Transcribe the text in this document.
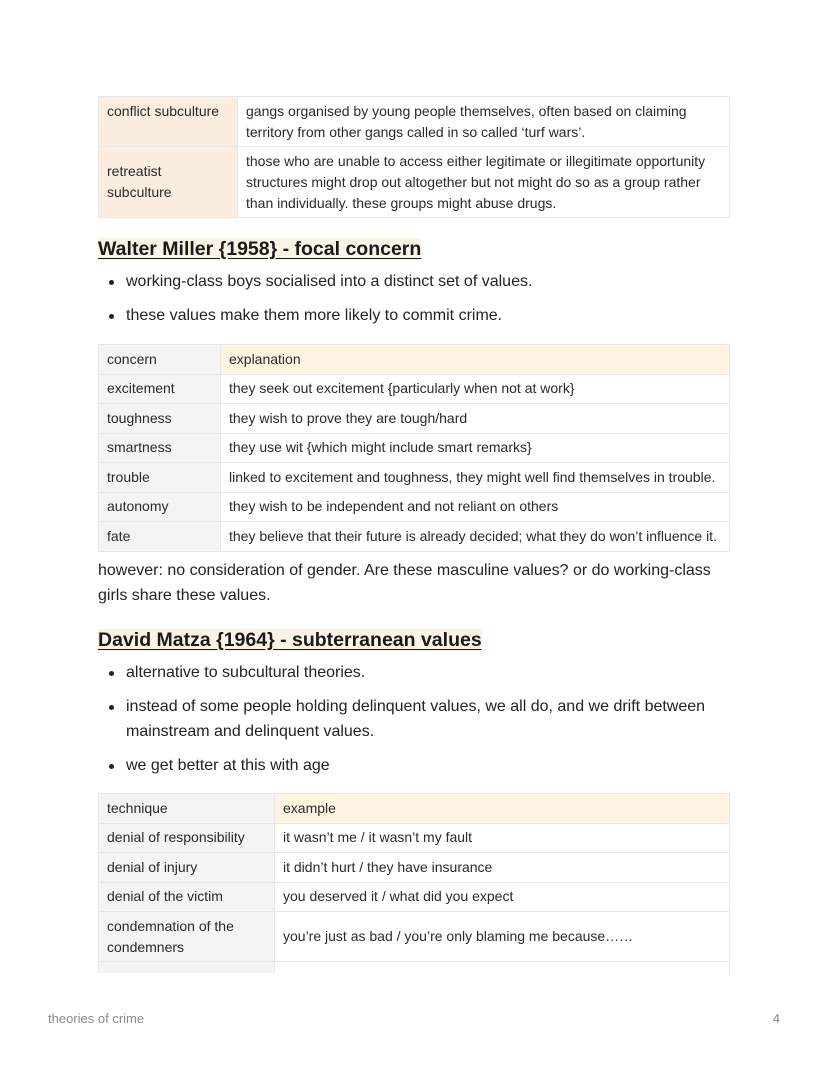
conflict subculture	gangs organised by young people themselves, often based on claiming territory from other gangs called in so called ‘turf wars’.
retreatist subculture	those who are unable to access either legitimate or illegitimate opportunity structures might drop out altogether but not might do so as a group rather than individually. these groups might abuse drugs.
Walter Miller {1958} - focal concern
working-class boys socialised into a distinct set of values.
these values make them more likely to commit crime.
concern	explanation
excitement	they seek out excitement {particularly when not at work}
toughness	they wish to prove they are tough/hard
smartness	they use wit {which might include smart remarks}
trouble	linked to excitement and toughness, they might well find themselves in trouble.
autonomy	they wish to be independent and not reliant on others
fate	they believe that their future is already decided; what they do won’t influence it.

however: no consideration of gender. Are these masculine values? or do working-class girls share these values.

David Matza {1964} - subterranean values
alternative to subcultural theories.
instead of some people holding delinquent values, we all do, and we drift between mainstream and delinquent values.
we get better at this with age
technique	example
denial of responsibility	it wasn’t me / it wasn’t my fault
denial of injury	it didn’t hurt / they have insurance
denial of the victim	you deserved it / what did you expect
condemnation of the condemners	you’re just as bad / you’re only blaming me because……

theories of crime	4
